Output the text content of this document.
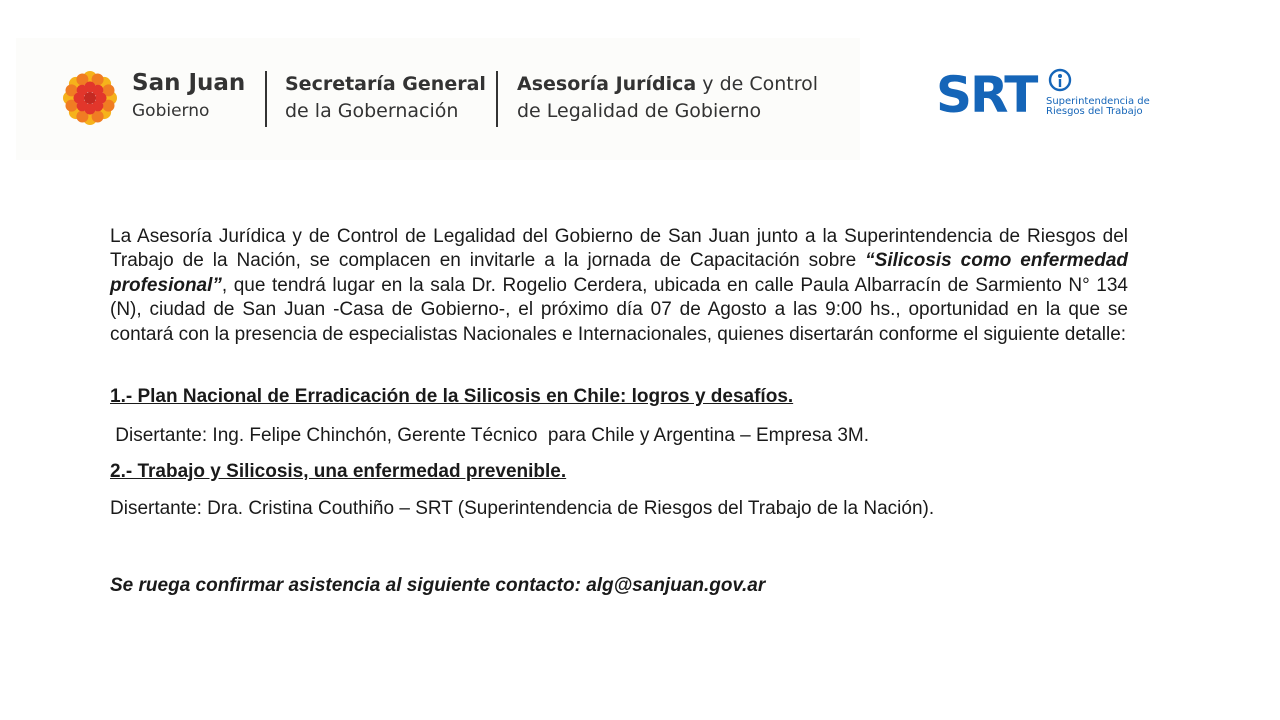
San Juan
Gobierno
Secretaría General
de la Gobernación
Asesoría Jurídica y de Control
de Legalidad de Gobierno	SRT Superintendencia de
Riesgos del Trabajo

La Asesoría Jurídica y de Control de Legalidad del Gobierno de San Juan junto a la Superintendencia de Riesgos del Trabajo de la Nación, se complacen en invitarle a la jornada de Capacitación sobre “Silicosis como enfermedad profesional”, que tendrá lugar en la sala Dr. Rogelio Cerdera, ubicada en calle Paula Albarracín de Sarmiento N° 134 (N), ciudad de San Juan -Casa de Gobierno-, el próximo día 07 de Agosto a las 9:00 hs., oportunidad en la que se contará con la presencia de especialistas Nacionales e Internacionales, quienes disertarán conforme el siguiente detalle:

1.- Plan Nacional de Erradicación de la Silicosis en Chile: logros y desafíos.
Disertante: Ing. Felipe Chinchón, Gerente Técnico  para Chile y Argentina – Empresa 3M.
2.- Trabajo y Silicosis, una enfermedad prevenible.
Disertante: Dra. Cristina Couthiño – SRT (Superintendencia de Riesgos del Trabajo de la Nación).
Se ruega confirmar asistencia al siguiente contacto: alg@sanjuan.gov.ar
